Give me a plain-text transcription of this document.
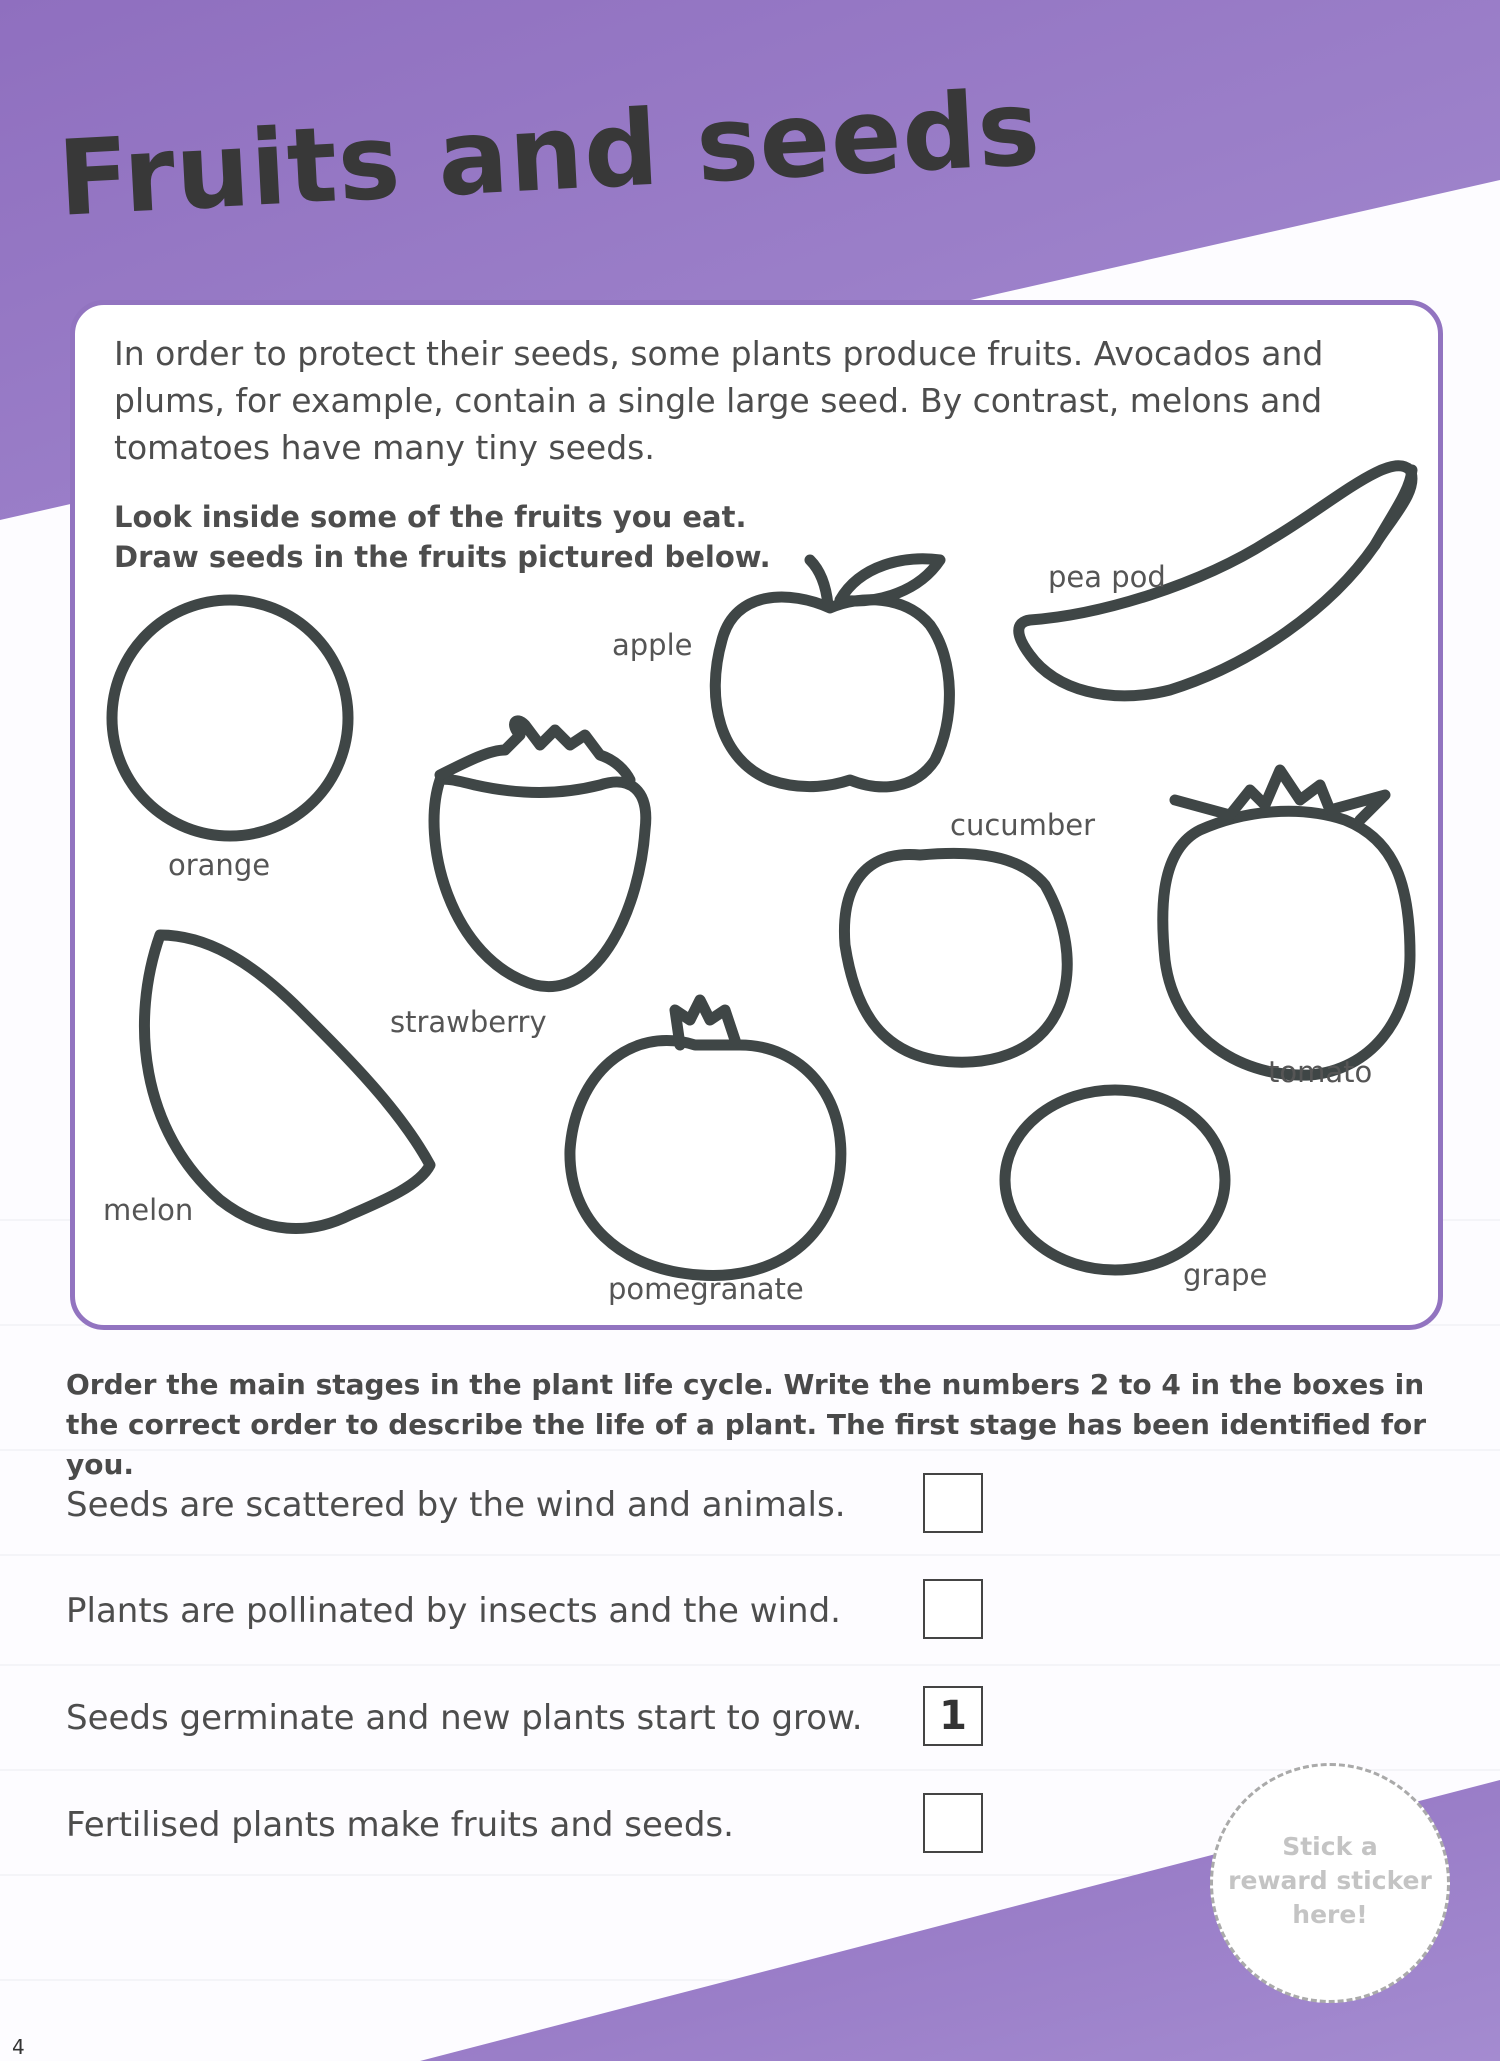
Fruits and seeds
In order to protect their seeds, some plants produce fruits. Avocados and plums, for example, contain a single large seed. By contrast, melons and tomatoes have many tiny seeds.
Look inside some of the fruits you eat.
Draw seeds in the fruits pictured below.
orange
apple
pea pod
strawberry
cucumber
tomato
melon
pomegranate	grape
Order the main stages in the plant life cycle. Write the numbers 2 to 4 in the boxes in the correct order to describe the life of a plant. The first stage has been identified for you.
Seeds are scattered by the wind and animals.
Plants are pollinated by insects and the wind.
Seeds germinate and new plants start to grow.	1
Fertilised plants make fruits and seeds.
Stick a
reward sticker
here!
4
